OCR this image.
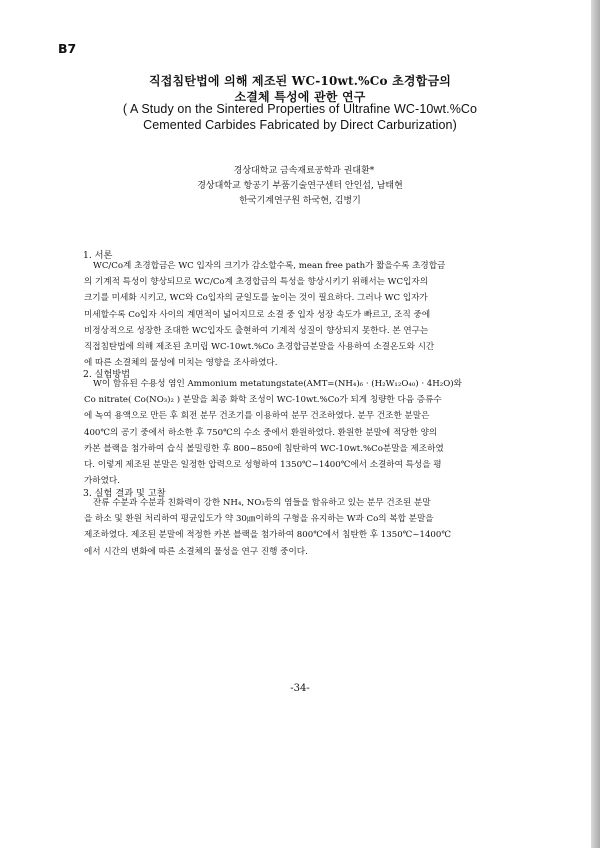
B7
직접침탄법에 의해 제조된 WC-10wt.%Co 초경합금의
소결체 특성에 관한 연구
( A Study on the Sintered Properties of Ultrafine WC-10wt.%Co
Cemented Carbides Fabricated by Direct Carburization)
경상대학교 금속재료공학과 권대환*
경상대학교 항공기 부품기술연구센터 안인섭, 남태현
한국기계연구원 하국현, 김병기
1. 서론
WC/Co계 초경합금은 WC 입자의 크기가 감소할수록, mean free path가 짧을수록 초경합금
의 기계적 특성이 향상되므로 WC/Co계 초경합금의 특성을 향상시키기 위해서는 WC입자의
크기를 미세화 시키고, WC와 Co입자의 균일도를 높이는 것이 필요하다. 그러나 WC 입자가
미세할수록 Co입자 사이의 계면적이 넓어지므로 소결 중 입자 성장 속도가 빠르고, 조직 중에
비정상적으로 성장한 조대한 WC입자도 출현하여 기계적 성질이 향상되지 못한다. 본 연구는
직접침탄법에 의해 제조된 초미립 WC-10wt.%Co 초경합금분말을 사용하여 소결온도와 시간
에 따른 소결체의 물성에 미치는 영향을 조사하였다.
2. 실험방법
W이 함유된 수용성 염인 Ammonium metatungstate(AMT=(NH₄)₆ · (H₂W₁₂O₄₀) · 4H₂O)와
Co nitrate( Co(NO₃)₂ ) 분말을 최종 화학 조성이 WC-10wt.%Co가 되게 칭량한 다음 증류수
에 녹여 용액으로 만든 후 회전 분무 건조기를 이용하여 분무 건조하였다. 분무 건조한 분말은
400℃의 공기 중에서 하소한 후 750℃의 수소 중에서 환원하였다. 환원한 분말에 적당한 양의
카본 블랙을 첨가하여 습식 볼밀링한 후 800~850에 침탄하여 WC-10wt.%Co분말을 제조하였
다. 이렇게 제조된 분말은 일정한 압력으로 성형하여 1350℃~1400℃에서 소결하여 특성을 평
가하였다.
3. 실험 결과 및 고찰
잔류 수분과 수분과 친화력이 강한 NH₄, NO₃등의 염들을 함유하고 있는 분무 건조된 분말
을 하소 및 환원 처리하여 평균입도가 약 30㎛이하의 구형을 유지하는 W과 Co의 복합 분말을
제조하였다. 제조된 분말에 적정한 카본 블랙을 첨가하여 800℃에서 침탄한 후 1350℃~1400℃
에서 시간의 변화에 따른 소결체의 물성을 연구 진행 중이다.
-34-
